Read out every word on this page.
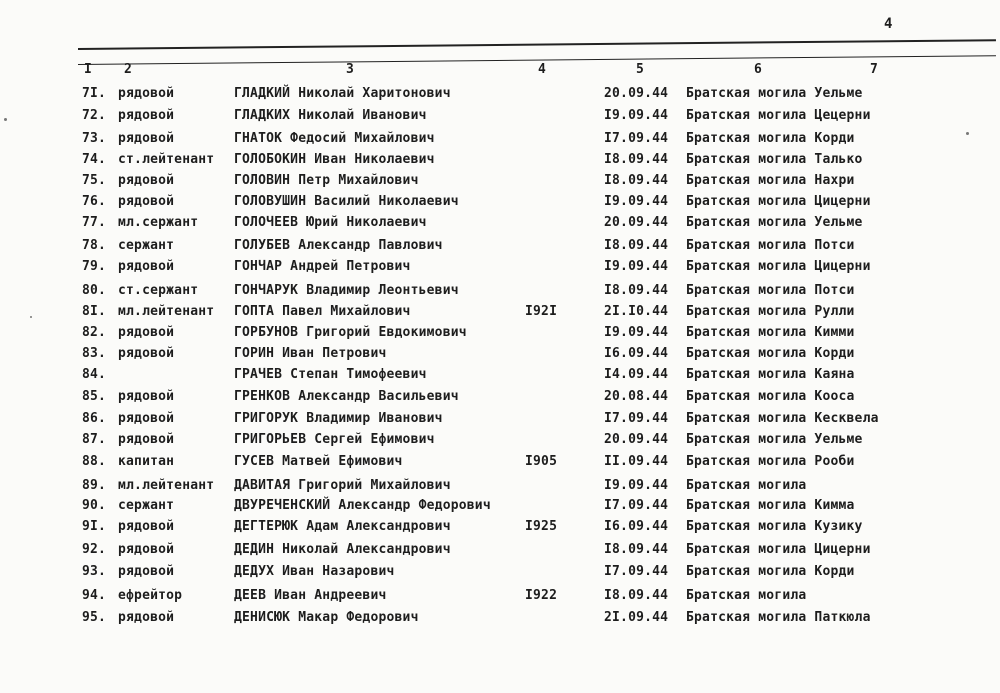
4
I 2	3	4	5	6	7
7I. рядовой	ГЛАДКИЙ Николай Харитонович	20.09.44 Братская могила Уельме
72. рядовой	ГЛАДКИХ Николай Иванович	I9.09.44 Братская могила Цецерни
73. рядовой	ГНАТОК Федосий Михайлович	I7.09.44 Братская могила Корди
74. ст.лейтенант ГОЛОБОКИН Иван Николаевич	I8.09.44 Братская могила Талько
75. рядовой	ГОЛОВИН Петр Михайлович	I8.09.44 Братская могила Нахри
76. рядовой	ГОЛОВУШИН Василий Николаевич	I9.09.44 Братская могила Цицерни
77. мл.сержант	ГОЛОЧЕЕВ Юрий Николаевич	20.09.44 Братская могила Уельме
78. сержант	ГОЛУБЕВ Александр Павлович	I8.09.44 Братская могила Потси
79. рядовой	ГОНЧАР Андрей Петрович	I9.09.44 Братская могила Цицерни
80. ст.сержант	ГОНЧАРУК Владимир Леонтьевич	I8.09.44 Братская могила Потси
8I. мл.лейтенант ГОПТА Павел Михайлович	I92I	2I.I0.44 Братская могила Рулли
82. рядовой	ГОРБУНОВ Григорий Евдокимович	I9.09.44 Братская могила Кимми
83. рядовой	ГОРИН Иван Петрович	I6.09.44 Братская могила Корди
84.	ГРАЧЕВ Степан Тимофеевич	I4.09.44 Братская могила Каяна
85. рядовой	ГРЕНКОВ Александр Васильевич	20.08.44 Братская могила Кооса
86. рядовой	ГРИГОРУК Владимир Иванович	I7.09.44 Братская могила Кесквела
87. рядовой	ГРИГОРЬЕВ Сергей Ефимович	20.09.44 Братская могила Уельме
88. капитан	ГУСЕВ Матвей Ефимович	I905	II.09.44 Братская могила Рооби
89. мл.лейтенант ДАВИТАЯ Григорий Михайлович	I9.09.44 Братская могила
90. сержант	ДВУРЕЧЕНСКИЙ Александр Федорович	I7.09.44 Братская могила Кимма
9I. рядовой	ДЕГТЕРЮК Адам Александрович	I925	I6.09.44 Братская могила Кузику
92. рядовой	ДЕДИН Николай Александрович	I8.09.44 Братская могила Цицерни
93. рядовой	ДЕДУХ Иван Назарович	I7.09.44 Братская могила Корди
94. ефрейтор	ДЕЕВ Иван Андреевич	I922	I8.09.44 Братская могила
95. рядовой	ДЕНИСЮК Макар Федорович	2I.09.44 Братская могила Паткюла
